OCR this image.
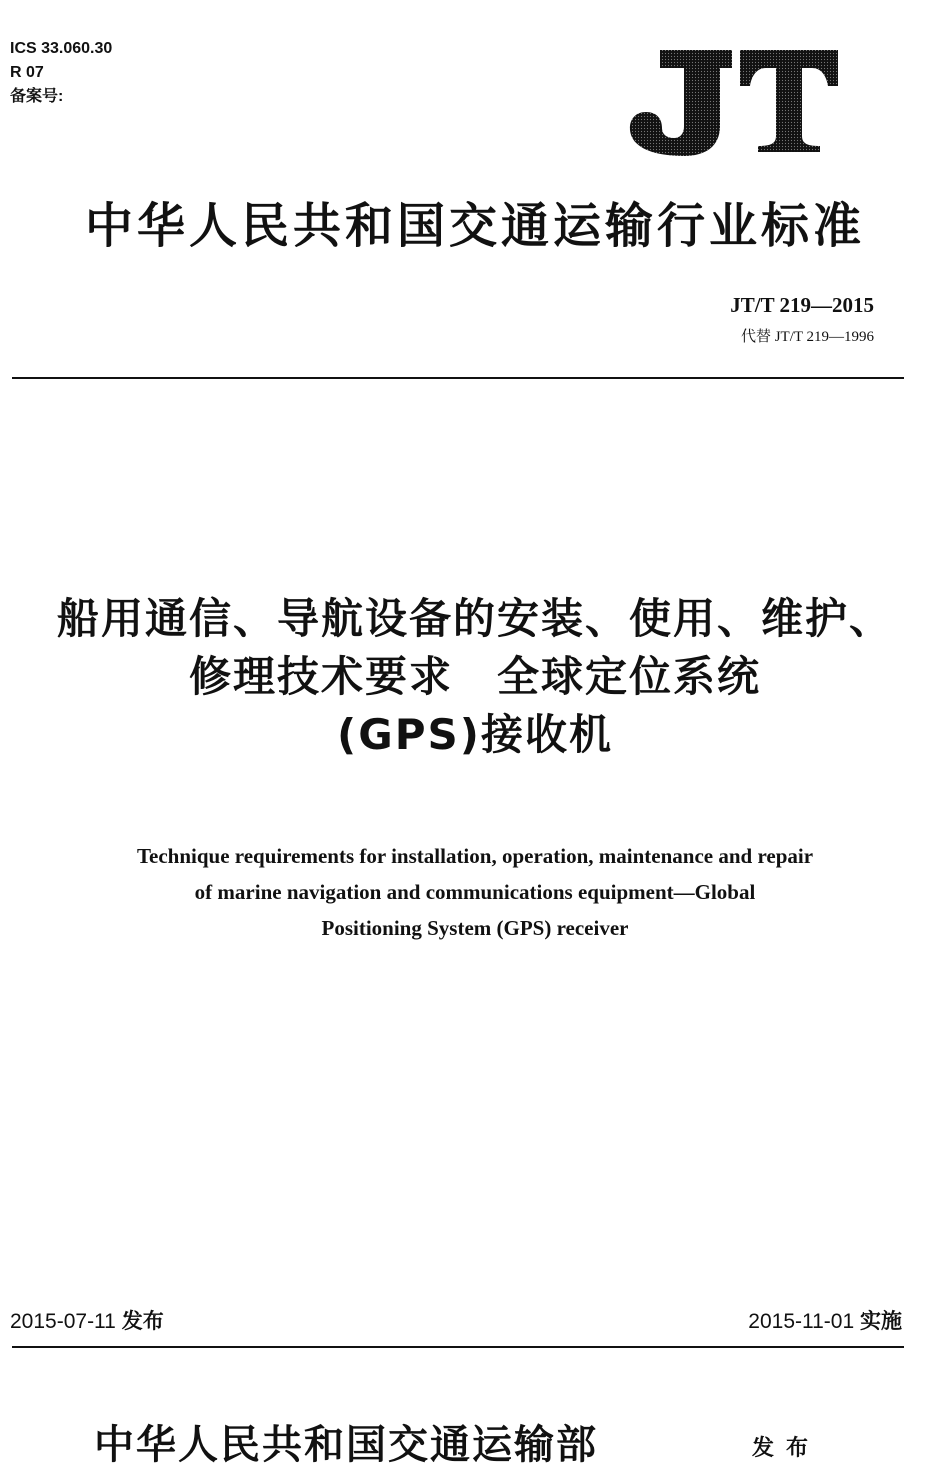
ICS 33.060.30
R 07
备案号:
中华人民共和国交通运输行业标准
JT/T 219—2015
代替 JT/T 219—1996
船用通信、导航设备的安装、使用、维护、
修理技术要求　全球定位系统
(GPS)接收机
Technique requirements for installation, operation, maintenance and repair
of marine navigation and communications equipment—Global
Positioning System (GPS) receiver
2015-07-11 发布	2015-11-01 实施
中华人民共和国交通运输部	发布
